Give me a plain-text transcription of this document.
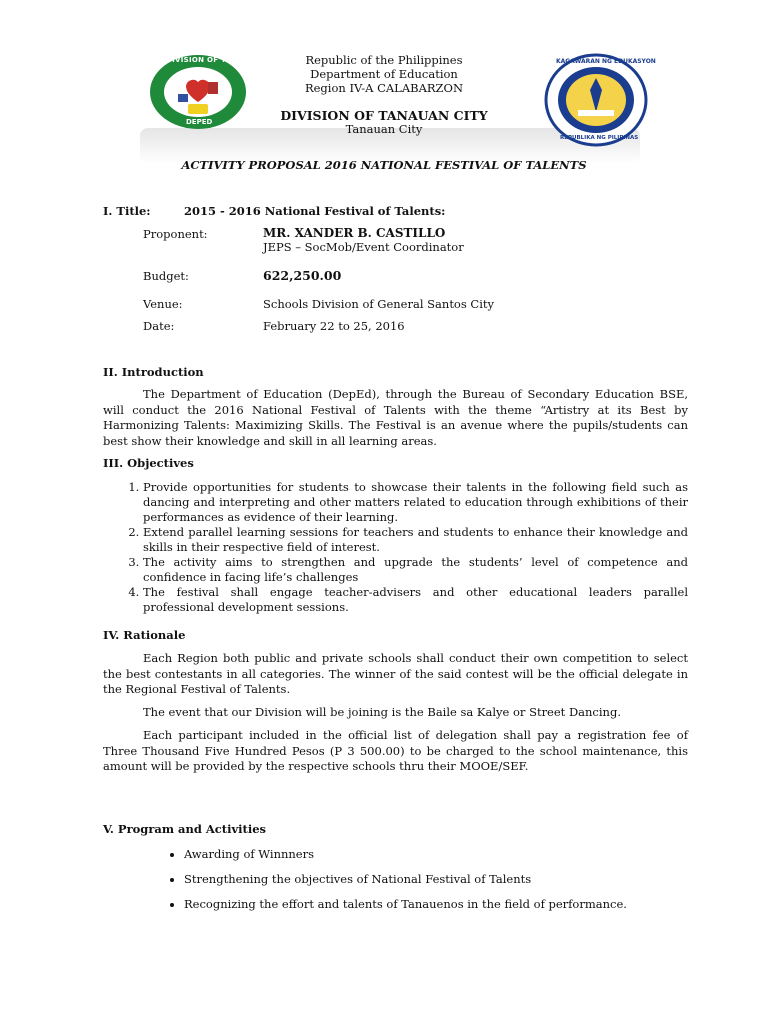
DIVISION OF TANAUAN CITY
DEPED
KAGAWARAN NG EDUKASYON
REPUBLIKA NG PILIPINAS
Republic of the Philippines
Department of Education
Region IV-A CALABARZON
DIVISION OF TANAUAN CITY
Tanauan City
ACTIVITY PROPOSAL 2016 NATIONAL FESTIVAL OF TALENTS
I. Title:	2015 - 2016 National Festival of Talents:
Proponent:	MR. XANDER B. CASTILLO
JEPS – SocMob/Event Coordinator
Budget:	622,250.00
Venue:	Schools Division of General Santos City
Date:	February 22 to 25, 2016
II. Introduction
The Department of Education (DepEd), through the Bureau of Secondary Education BSE, will conduct the 2016 National Festival of Talents with the theme “Artistry at its Best by Harmonizing Talents: Maximizing Skills. The Festival is an avenue where the pupils/students can best show their knowledge and skill in all learning areas.
III. Objectives
1. Provide opportunities for students to showcase their talents in the following field such as dancing and interpreting and other matters related to education through exhibitions of their performances as evidence of their learning.
2. Extend parallel learning sessions for teachers and students to enhance their knowledge and skills in their respective field of interest.
3. The activity aims to strengthen and upgrade the students’ level of competence and confidence in facing life’s challenges
4. The festival shall engage teacher-advisers and other educational leaders parallel professional development sessions.
IV. Rationale
Each Region both public and private schools shall conduct their own competition to select the best contestants in all categories. The winner of the said contest will be the official delegate in the Regional Festival of Talents.
The event that our Division will be joining is the Baile sa Kalye or Street Dancing.
Each participant included in the official list of delegation shall pay a registration fee of Three Thousand Five Hundred Pesos (P 3 500.00) to be charged to the school maintenance, this amount will be provided by the respective schools thru their MOOE/SEF.
V. Program and Activities
• Awarding of Winnners
• Strengthening the objectives of National Festival of Talents
• Recognizing the effort and talents of Tanauenos in the field of performance.
